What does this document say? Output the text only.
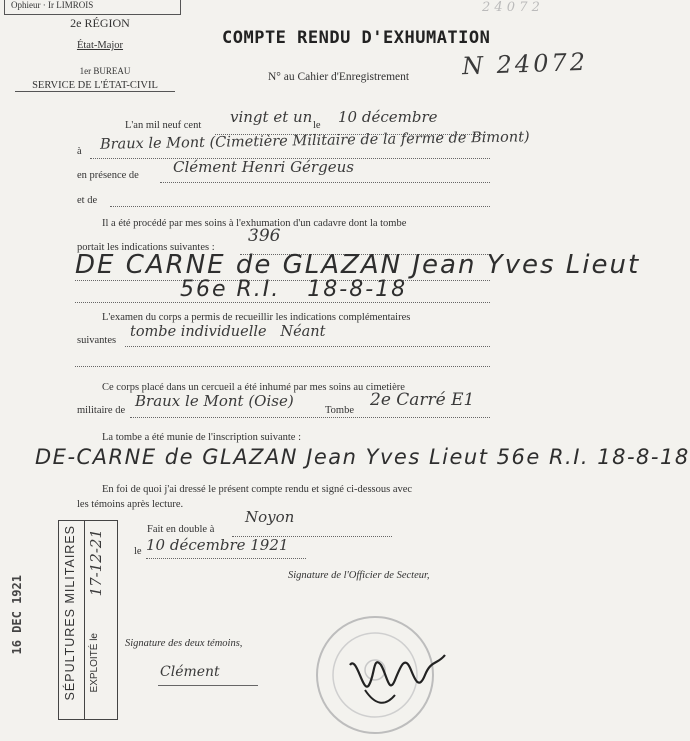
Ophieur · Ir LIMROIS
2e RÉGION
État-Major
1er BUREAU
SERVICE DE L'ÉTAT-CIVIL
COMPTE RENDU D'EXHUMATION
2 4 0 7 2
N° au Cahier d'Enregistrement N 24072
L'an mil neuf cent vingt et un le 10 décembre
à Braux le Mont (Cimetière Militaire de la ferme de Bimont)
en présence de Clément Henri Gérgeus
et de
Il a été procédé par mes soins à l'exhumation d'un cadavre dont la tombe
portait les indications suivantes :
396
DE CARNE de GLAZAN Jean Yves Lieut
56e R.I.   18-8-18
L'examen du corps a permis de recueillir les indications complémentaires
suivantes
tombe individuelle   Néant
Ce corps placé dans un cercueil a été inhumé par mes soins au cimetière
militaire de
Braux le Mont (Oise)
Tombe
2e Carré E1
La tombe a été munie de l'inscription suivante :
DE-CARNE de GLAZAN Jean Yves Lieut 56e R.I. 18-8-18
En foi de quoi j'ai dressé le présent compte rendu et signé ci-dessous avec
les témoins après lecture.
Fait en double à
Noyon
le 10 décembre 1921
Signature de l'Officier de Secteur,
Signature des deux témoins,
Clément
16 DEC 1921	SÉPULTURES MILITAIRES EXPLOITÉ le
17-12-21
